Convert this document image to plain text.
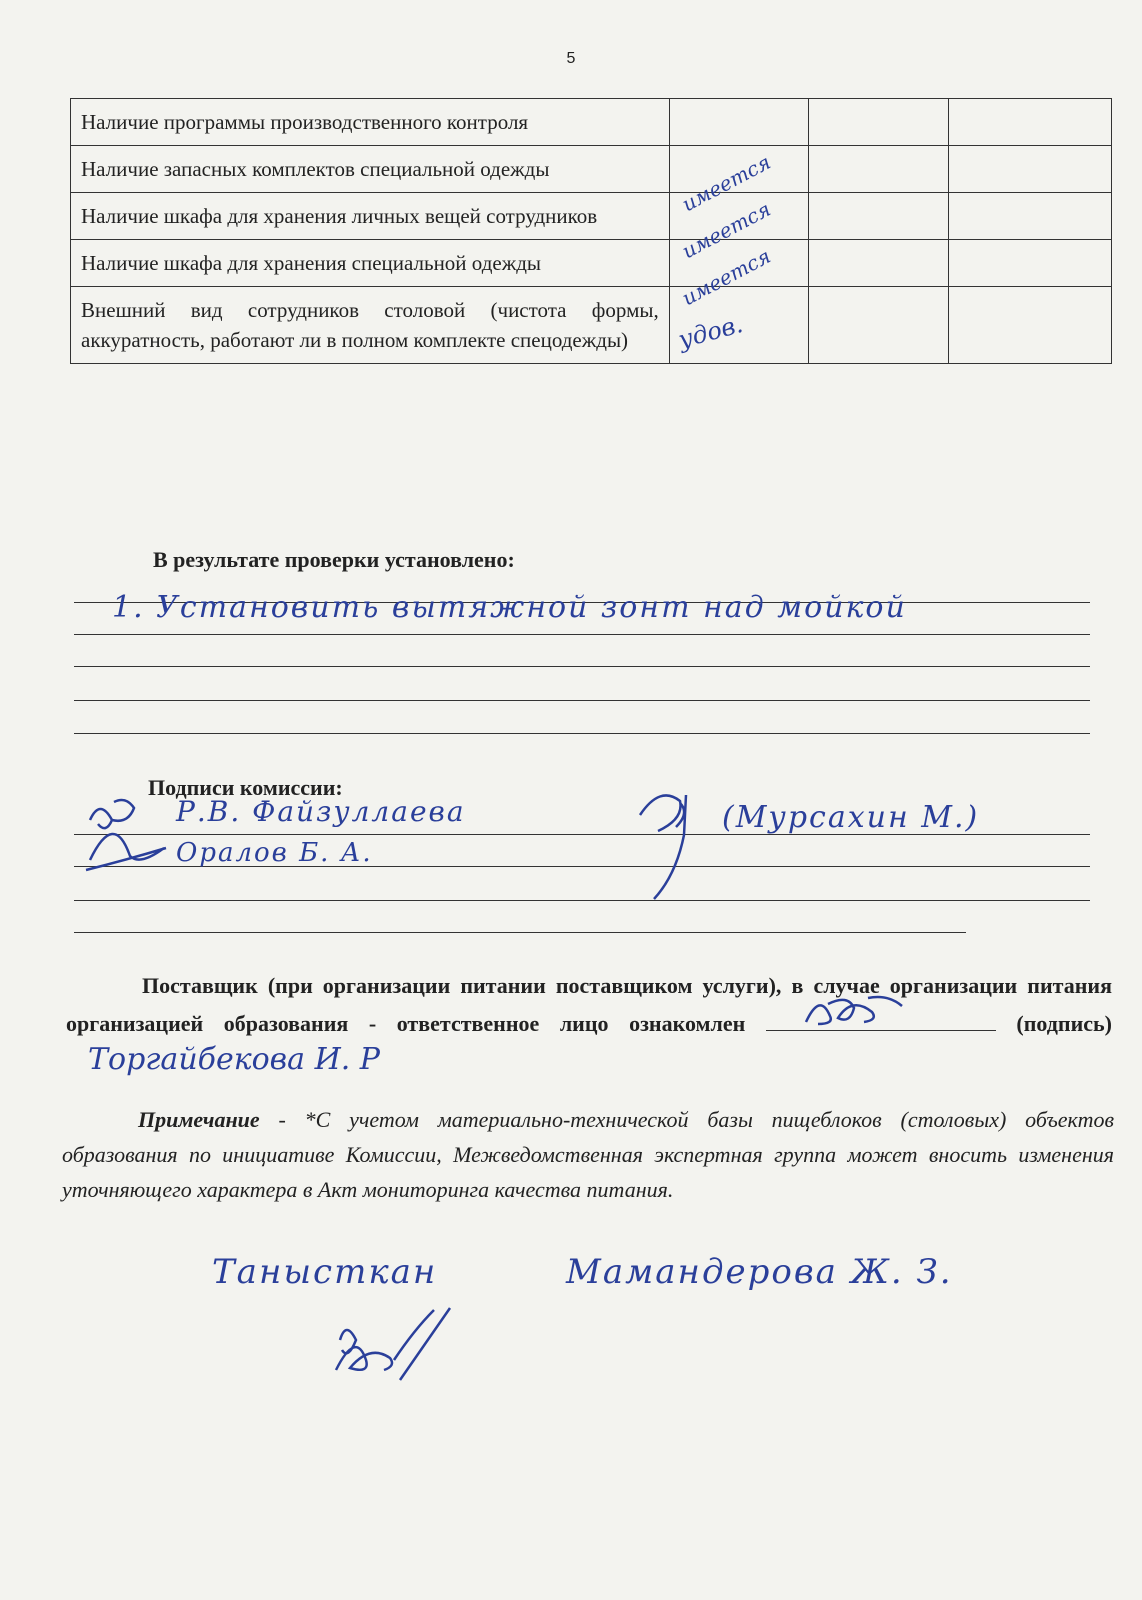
5
Наличие программы производственного контроля	

Наличие запасных комплектов специальной одежды	имеется		

Наличие шкафа для хранения личных вещей сотрудников	имеется		

Наличие шкафа для хранения специальной одежды	имеется		

Внешний вид сотрудников столовой (чистота формы, аккуратность, работают ли в полном комплекте спецодежды)	удов.		

В результате проверки установлено:
1. Установить вытяжной зонт над мойкой
Подписи комиссии:
Р.В. Файзуллаева
Оралов Б. А.
(Мурсахин М.)
Поставщик (при организации питании поставщиком услуги), в случае организации питания организацией образования - ответственное лицо ознакомлен	(подпись) Торгайбекова И. Р
Примечание - *С учетом материально-технической базы пищеблоков (столовых) объектов образования по инициативе Комиссии, Межведомственная экспертная группа может вносить изменения уточняющего характера в Акт мониторинга качества питания.
Танысткан	Мамандерова Ж. З.
